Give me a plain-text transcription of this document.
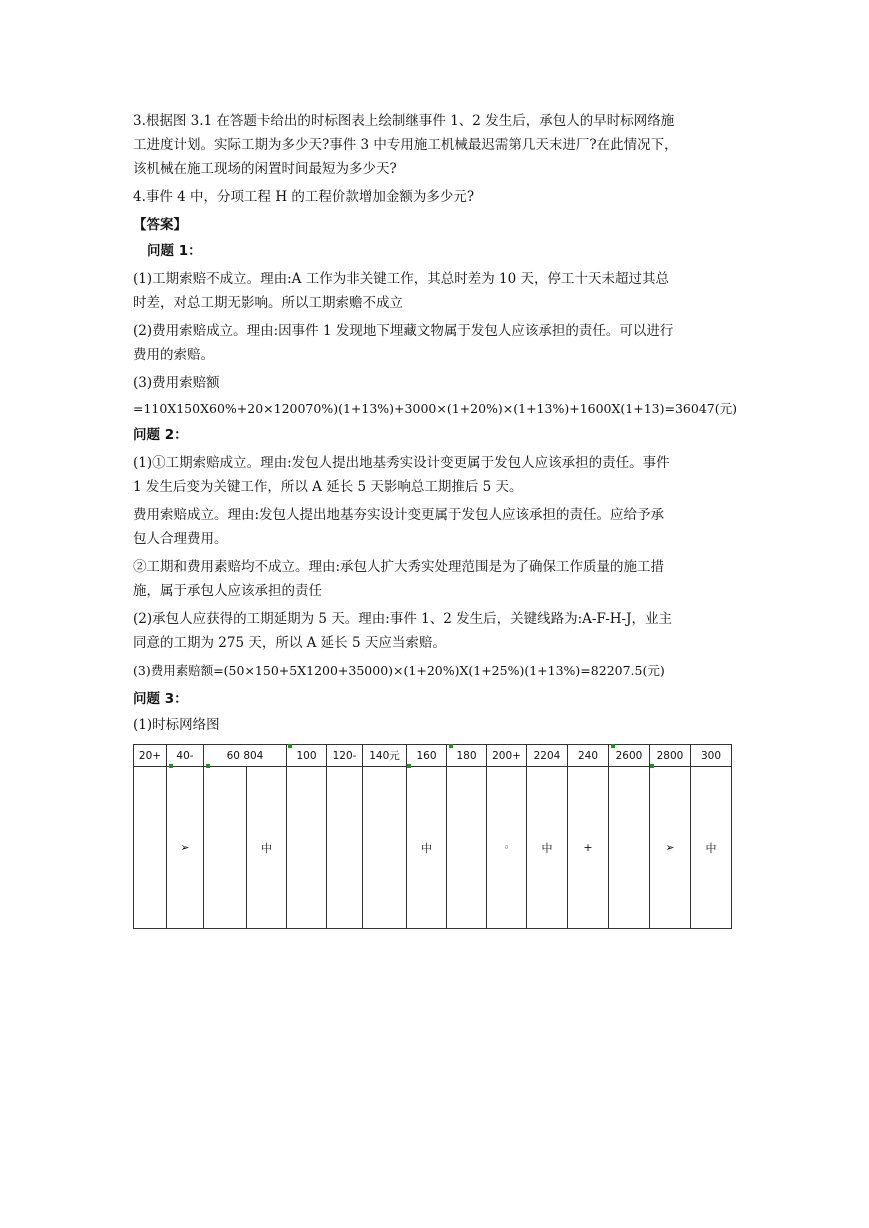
3.根据图 3.1 在答题卡给出的时标图表上绘制继事件 1、2 发生后，承包人的早时标网络施
工进度计划。实际工期为多少天?事件 3 中专用施工机械最迟需第几天末进厂?在此情况下，
该机械在施工现场的闲置时间最短为多少天?
4.事件 4 中，分项工程 H 的工程价款增加金额为多少元?
【答案】
问题 1：
(1)工期索赔不成立。理由:A 工作为非关键工作，其总时差为 10 天，停工十天未超过其总
时差，对总工期无影响。所以工期索赡不成立
(2)费用索赔成立。理由:因事件 1 发现地下埋藏文物属于发包人应该承担的责任。可以进行
费用的索赔。
(3)费用索赔额
=110X150X60%+20×120070%)(1+13%)+3000×(1+20%)×(1+13%)+1600X(1+13)=36047(元)
问题 2：
(1)①工期索赔成立。理由:发包人提出地基秀实设计变更属于发包人应该承担的责任。事件
1 发生后变为关键工作，所以 A 延长 5 天影响总工期推后 5 天。
费用索赔成立。理由:发包人提出地基夯实设计变更属于发包人应该承担的责任。应给予承
包人合理费用。
②工期和费用素赔均不成立。理由:承包人扩大秀实处理范围是为了确保工作质量的施工措
施，属于承包人应该承担的责任
(2)承包人应获得的工期延期为 5 天。理由:事件 1、2 发生后，关键线路为:A-F-H-J，业主
同意的工期为 275 天，所以 A 延长 5 天应当索赔。
(3)费用素赔额=(50×150+5X1200+35000)×(1+20%)X(1+25%)(1+13%)=82207.5(元)
问题 3：
(1)时标网络图
20+	40-	60 804		100	120-	140元	160	180	200+	2204	240	2600	2800	300
	➢		中				中		◦	中	+		➢	中
